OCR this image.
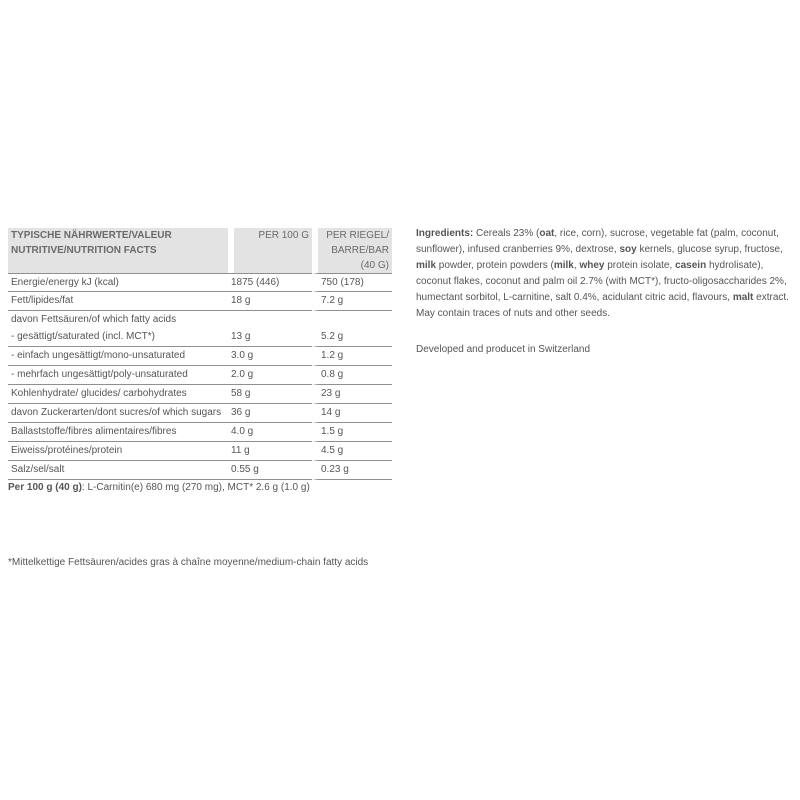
TYPISCHE NÄHRWERTE/VALEUR NUTRITIVE/NUTRITION FACTS	PER 100 G	PER RIEGEL/ BARRE/BAR (40 G)
Energie/energy kJ (kcal)	1875 (446)	750 (178)
Fett/lipides/fat	18 g	7.2 g
davon Fettsäuren/of which fatty acids		
- gesättigt/saturated (incl. MCT*)	13 g	5.2 g
- einfach ungesättigt/mono-unsaturated	3.0 g	1.2 g
- mehrfach ungesättigt/poly-unsaturated	2.0 g	0.8 g
Kohlenhydrate/ glucides/ carbohydrates	58 g	23 g
davon Zuckerarten/dont sucres/of which sugars	36 g	14 g
Ballaststoffe/fibres alimentaires/fibres	4.0 g	1.5 g
Eiweiss/protéines/protein	11 g	4.5 g
Salz/sel/salt	0.55 g	0.23 g
Per 100 g (40 g): L-Carnitin(e) 680 mg (270 mg), MCT* 2.6 g (1.0 g)
*Mittelkettige Fettsäuren/acides gras à chaîne moyenne/medium-chain fatty acids
Ingredients: Cereals 23% (oat, rice, corn), sucrose, vegetable fat (palm, coconut, sunflower), infused cranberries 9%, dextrose, soy kernels, glucose syrup, fructose, milk powder, protein powders (milk, whey protein isolate, casein hydrolisate), coconut flakes, coconut and palm oil 2.7% (with MCT*), fructo-oligosaccharides 2%, humectant sorbitol, L-carnitine, salt 0.4%, acidulant citric acid, flavours, malt extract. May contain traces of nuts and other seeds.
Developed and producet in Switzerland
